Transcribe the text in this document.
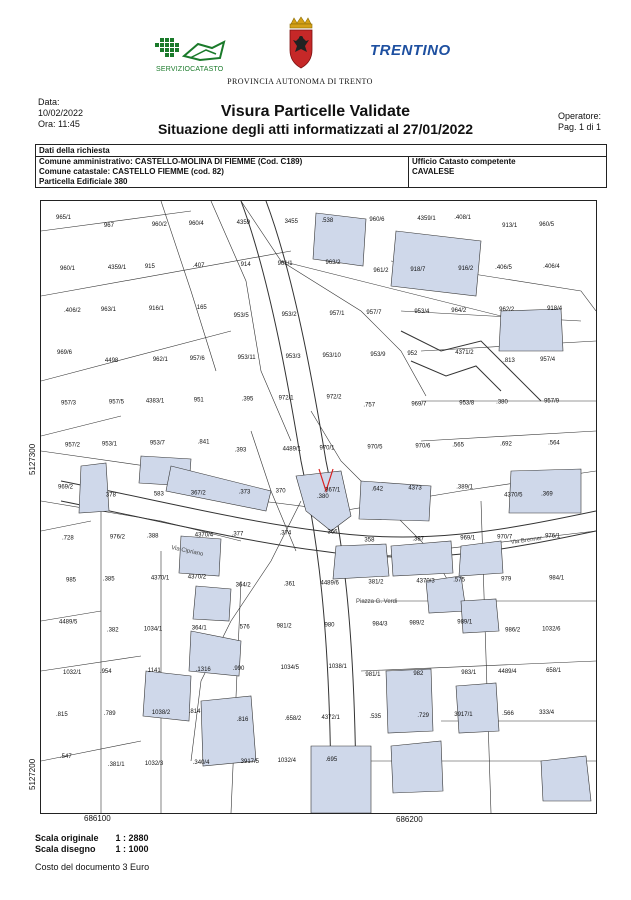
SERVIZIOCATASTO
PROVINCIA AUTONOMA DI TRENTO
TRENTINO
Data:
10/02/2022
Ora: 11:45
Operatore:
Pag. 1 di 1
Visura Particelle Validate
Situazione degli atti informatizzati al 27/01/2022
Dati della richiesta
Comune amministrativo: CASTELLO-MOLINA DI FIEMME (Cod. C189)
Comune catastale: CASTELLO FIEMME (cod. 82)
Particella Edificiale 380
Ufficio Catasto competente
CAVALESE
965/1
967	960/2	960/4	4359	3455	.538	960/6	4359/1	.408/1
913/1	960/5
960/1	4359/1	915	.407	914	961/1	963/2
961/2	918/7	916/2	.406/5	.406/4
.406/2	963/1	916/1	165
953/5	953/2	957/1	957/7	953/4	964/2	962/2	918/4
969/6
4498	962/1	957/6	953/11	953/3	953/10	953/9	952	4371/2
.813	957/4
957/3	957/5	4383/1	951	.395	972/1	972/2
.757	969/7	953/8	.380	957/9
957/2	953/1	953/7	.841
.393	4489/1	970/1	970/5	970/6	.565	.692	.564
969/2
378	583	367/2	.373	370	.367/1	.642	4373	.389/1
4370/5	.369
.728	976/2	.388	4370/4	.377	.374	366
358	.387	969/1	970/7	976/1
985	.385	4370/1	4370/2
364/2	.361	4489/6	381/2	4370/3	.575	979	984/1
4489/5
.382	1034/1	364/1	576	981/2	980	984/3	989/2	989/1
986/2	1032/6
1032/1	.954	1141	.1316	.990	1034/5	1038/1
981/1	982	983/1	4489/4	658/1
.815	.789	1038/2	.814
.816	.658/2	4372/1	.535	.729	3917/1	.566	333/4
.547
.381/1	1032/3	.340/4	3917/5	1032/4	.695
Via Cipriano
Piazza G. Verdi
Via Brenner
.380
5127300
5127200
686100	686200
Scala originale 1 : 2880
Scala disegno 1 : 1000
Costo del documento 3 Euro
